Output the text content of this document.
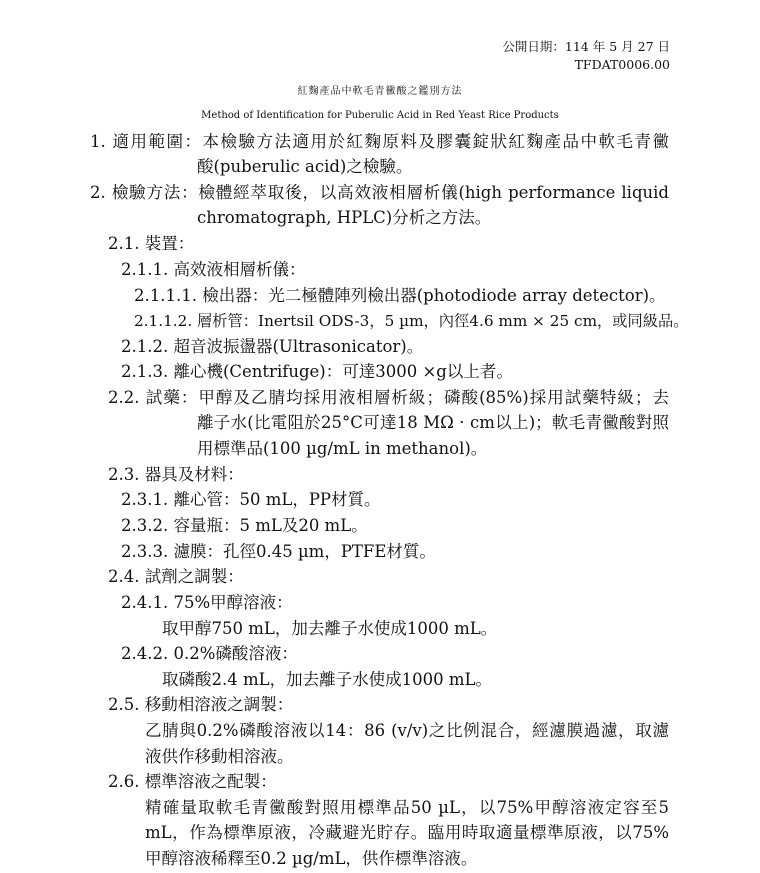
公開日期：114 年 5 月 27 日
TFDAT0006.00
紅麴產品中軟毛青黴酸之鑑別方法
Method of Identification for Puberulic Acid in Red Yeast Rice Products
1. 適用範圍：本檢驗方法適用於紅麴原料及膠囊錠狀紅麴產品中軟毛青黴
酸(puberulic acid)之檢驗。
2. 檢驗方法：檢體經萃取後，以高效液相層析儀(high performance liquid
chromatograph, HPLC)分析之方法。
2.1. 裝置：
2.1.1. 高效液相層析儀：
2.1.1.1. 檢出器：光二極體陣列檢出器(photodiode array detector)。
2.1.1.2. 層析管：Inertsil ODS-3，5 µm，內徑4.6 mm × 25 cm，或同級品。
2.1.2. 超音波振盪器(Ultrasonicator)。
2.1.3. 離心機(Centrifuge)：可達3000 ×g以上者。
2.2. 試藥：甲醇及乙腈均採用液相層析級；磷酸(85%)採用試藥特級；去
離子水(比電阻於25°C可達18 MΩ · cm以上)；軟毛青黴酸對照
用標準品(100 µg/mL in methanol)。
2.3. 器具及材料：
2.3.1. 離心管：50 mL，PP材質。
2.3.2. 容量瓶：5 mL及20 mL。
2.3.3. 濾膜：孔徑0.45 µm，PTFE材質。
2.4. 試劑之調製：
2.4.1. 75%甲醇溶液：
取甲醇750 mL，加去離子水使成1000 mL。
2.4.2. 0.2%磷酸溶液：
取磷酸2.4 mL，加去離子水使成1000 mL。
2.5. 移動相溶液之調製：
乙腈與0.2%磷酸溶液以14：86 (v/v)之比例混合，經濾膜過濾，取濾
液供作移動相溶液。
2.6. 標準溶液之配製：
精確量取軟毛青黴酸對照用標準品50 µL，以75%甲醇溶液定容至5
mL，作為標準原液，冷藏避光貯存。臨用時取適量標準原液，以75%
甲醇溶液稀釋至0.2 µg/mL，供作標準溶液。
